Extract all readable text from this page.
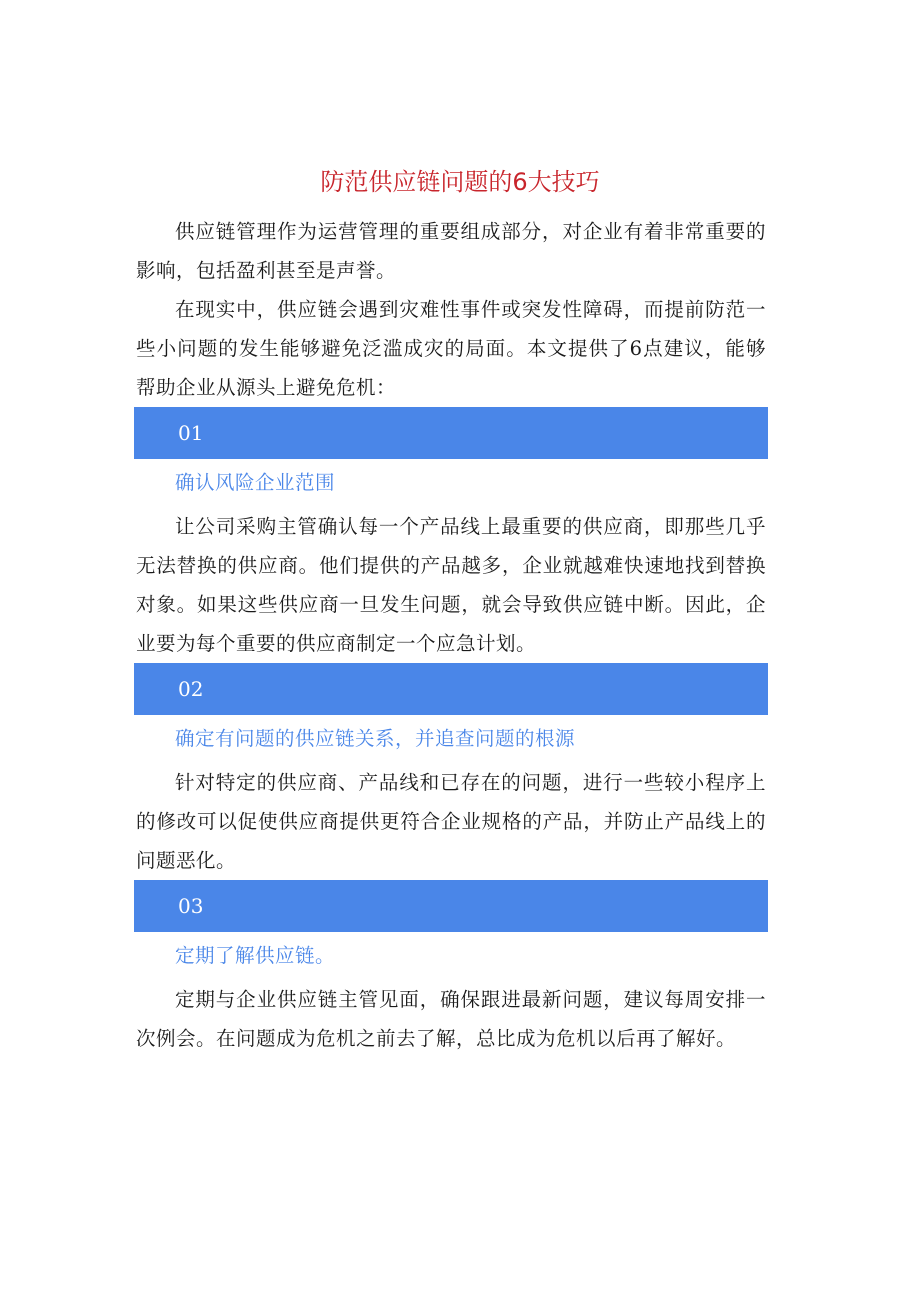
防范供应链问题的6大技巧

供应链管理作为运营管理的重要组成部分，对企业有着非常重要的影响，包括盈利甚至是声誉。

在现实中，供应链会遇到灾难性事件或突发性障碍，而提前防范一些小问题的发生能够避免泛滥成灾的局面。本文提供了6点建议，能够帮助企业从源头上避免危机：

01

确认风险企业范围

让公司采购主管确认每一个产品线上最重要的供应商，即那些几乎无法替换的供应商。他们提供的产品越多，企业就越难快速地找到替换对象。如果这些供应商一旦发生问题，就会导致供应链中断。因此，企业要为每个重要的供应商制定一个应急计划。

02

确定有问题的供应链关系，并追查问题的根源

针对特定的供应商、产品线和已存在的问题，进行一些较小程序上的修改可以促使供应商提供更符合企业规格的产品，并防止产品线上的问题恶化。

03

定期了解供应链。

定期与企业供应链主管见面，确保跟进最新问题，建议每周安排一次例会。在问题成为危机之前去了解，总比成为危机以后再了解好。
